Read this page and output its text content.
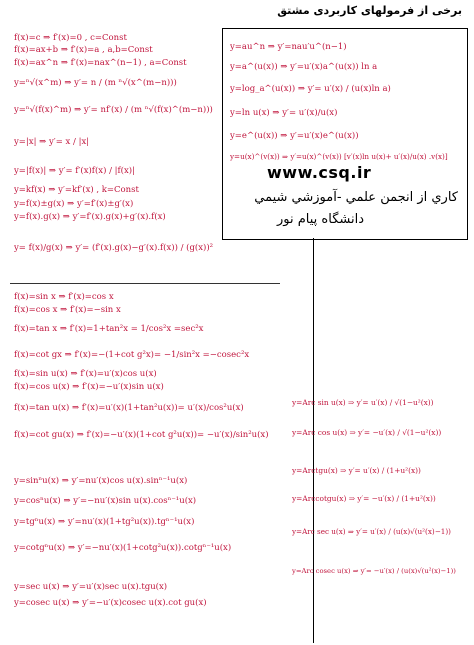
برخی از فرمولهای کاربردی مشتق
f(x)=c ⇒ f′(x)=0 , c=Const
f(x)=ax+b ⇒ f′(x)=a , a,b=Const
f(x)=ax^n ⇒ f′(x)=nax^(n−1) , a=Const
y=ⁿ√(x^m) ⇒ y′= n / (m ⁿ√(x^(m−n)))
y=ⁿ√(f(x)^m) ⇒ y′= nf′(x) / (m ⁿ√(f(x)^(m−n)))
y=|x| ⇒ y′= x / |x|
y=|f(x)| ⇒ y′= f′(x)f(x) / |f(x)|
y=kf(x) ⇒ y′=kf′(x) , k=Const
y=f(x)±g(x) ⇒ y′=f′(x)±g′(x)
y=f(x).g(x) ⇒ y′=f′(x).g(x)+g′(x).f(x)
y= f(x)/g(x) ⇒ y′= (f′(x).g(x)−g′(x).f(x)) / (g(x))²
f(x)=sin x ⇒ f′(x)=cos x
f(x)=cos x ⇒ f′(x)=−sin x
f(x)=tan x ⇒ f′(x)=1+tan²x = 1/cos²x =sec²x
f(x)=cot gx ⇒ f′(x)=−(1+cot g²x)= −1/sin²x =−cosec²x
f(x)=sin u(x) ⇒ f′(x)=u′(x)cos u(x)
f(x)=cos u(x) ⇒ f′(x)=−u′(x)sin u(x)
f(x)=tan u(x) ⇒ f′(x)=u′(x)(1+tan²u(x))= u′(x)/cos²u(x)
f(x)=cot gu(x) ⇒ f′(x)=−u′(x)(1+cot g²u(x))= −u′(x)/sin²u(x)
y=sinⁿu(x) ⇒ y′=nu′(x)cos u(x).sinⁿ⁻¹u(x)
y=cosⁿu(x) ⇒ y′=−nu′(x)sin u(x).cosⁿ⁻¹u(x)
y=tgⁿu(x) ⇒ y′=nu′(x)(1+tg²u(x)).tgⁿ⁻¹u(x)
y=cotgⁿu(x) ⇒ y′=−nu′(x)(1+cotg²u(x)).cotgⁿ⁻¹u(x)
y=sec u(x) ⇒ y′=u′(x)sec u(x).tgu(x)
y=cosec u(x) ⇒ y′=−u′(x)cosec u(x).cot gu(x)
y=au^n ⇒ y′=nau′u^(n−1)
y=a^(u(x)) ⇒ y′=u′(x)a^(u(x)) ln a
y=log_a^(u(x)) ⇒ y′= u′(x) / (u(x)ln a)
y=ln u(x) ⇒ y′= u′(x)/u(x)
y=e^(u(x)) ⇒ y′=u′(x)e^(u(x))
y=u(x)^(v(x)) ⇒ y′=u(x)^(v(x)) [v′(x)ln u(x)+ u′(x)/u(x) .v(x)]
www.csq.ir
کاري از انجمن علمي -آموزشي شيمي
دانشگاه پيام نور
y=Arc sin u(x) ⇒ y′= u′(x) / √(1−u²(x))
y=Arc cos u(x) ⇒ y′= −u′(x) / √(1−u²(x))
y=Arctgu(x) ⇒ y′= u′(x) / (1+u²(x))
y=Arccotgu(x) ⇒ y′= −u′(x) / (1+u²(x))
y=Arc sec u(x) ⇒ y′= u′(x) / (u(x)√(u²(x)−1))
y=Arc cosec u(x) ⇒ y′= −u′(x) / (u(x)√(u²(x)−1))
